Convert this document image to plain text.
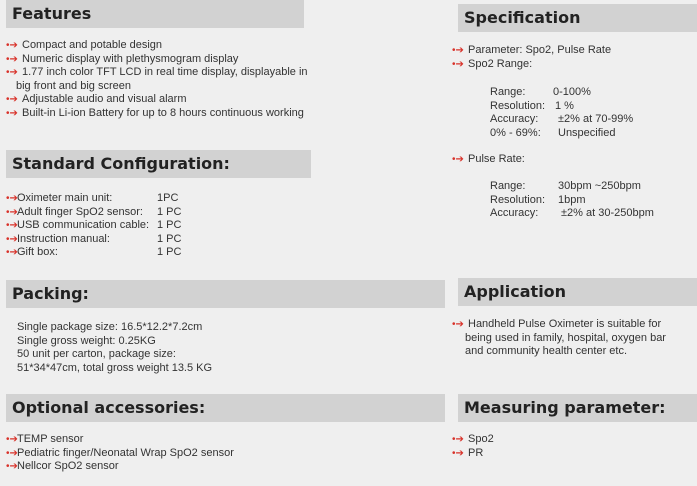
Features
•➔ Compact and potable design
•➔ Numeric display with plethysmogram display
•➔ 1.77 inch color TFT LCD in real time display, displayable in
big front and big screen
•➔ Adjustable audio and visual alarm
•➔ Built-in Li-ion Battery for up to 8 hours continuous working
Specification
•➔ Parameter: Spo2, Pulse Rate
•➔ Spo2 Range:
Range:	0-100%
Resolution: 1 %
Accuracy: ±2% at 70-99%
0% - 69%: Unspecified
•➔ Pulse Rate:
Range:	30bpm ~250bpm
Resolution: 1bpm
Accuracy: ±2% at 30-250bpm
Standard Configuration:
•➔ Oximeter main unit:	1PC
•➔ Adult finger SpO2 sensor: 1 PC
•➔ USB communication cable: 1 PC
•➔ Instruction manual:	1 PC
•➔ Gift box:	1 PC
Packing:
Single package size: 16.5*12.2*7.2cm
Single gross weight: 0.25KG
50 unit per carton, package size:
51*34*47cm, total gross weight 13.5 KG
Application
•➔ Handheld Pulse Oximeter is suitable for
being used in family, hospital, oxygen bar
and community health center etc.
Optional accessories:
•➔ TEMP sensor
•➔ Pediatric finger/Neonatal Wrap SpO2 sensor
•➔ Nellcor SpO2 sensor
Measuring parameter:
•➔ Spo2
•➔ PR
